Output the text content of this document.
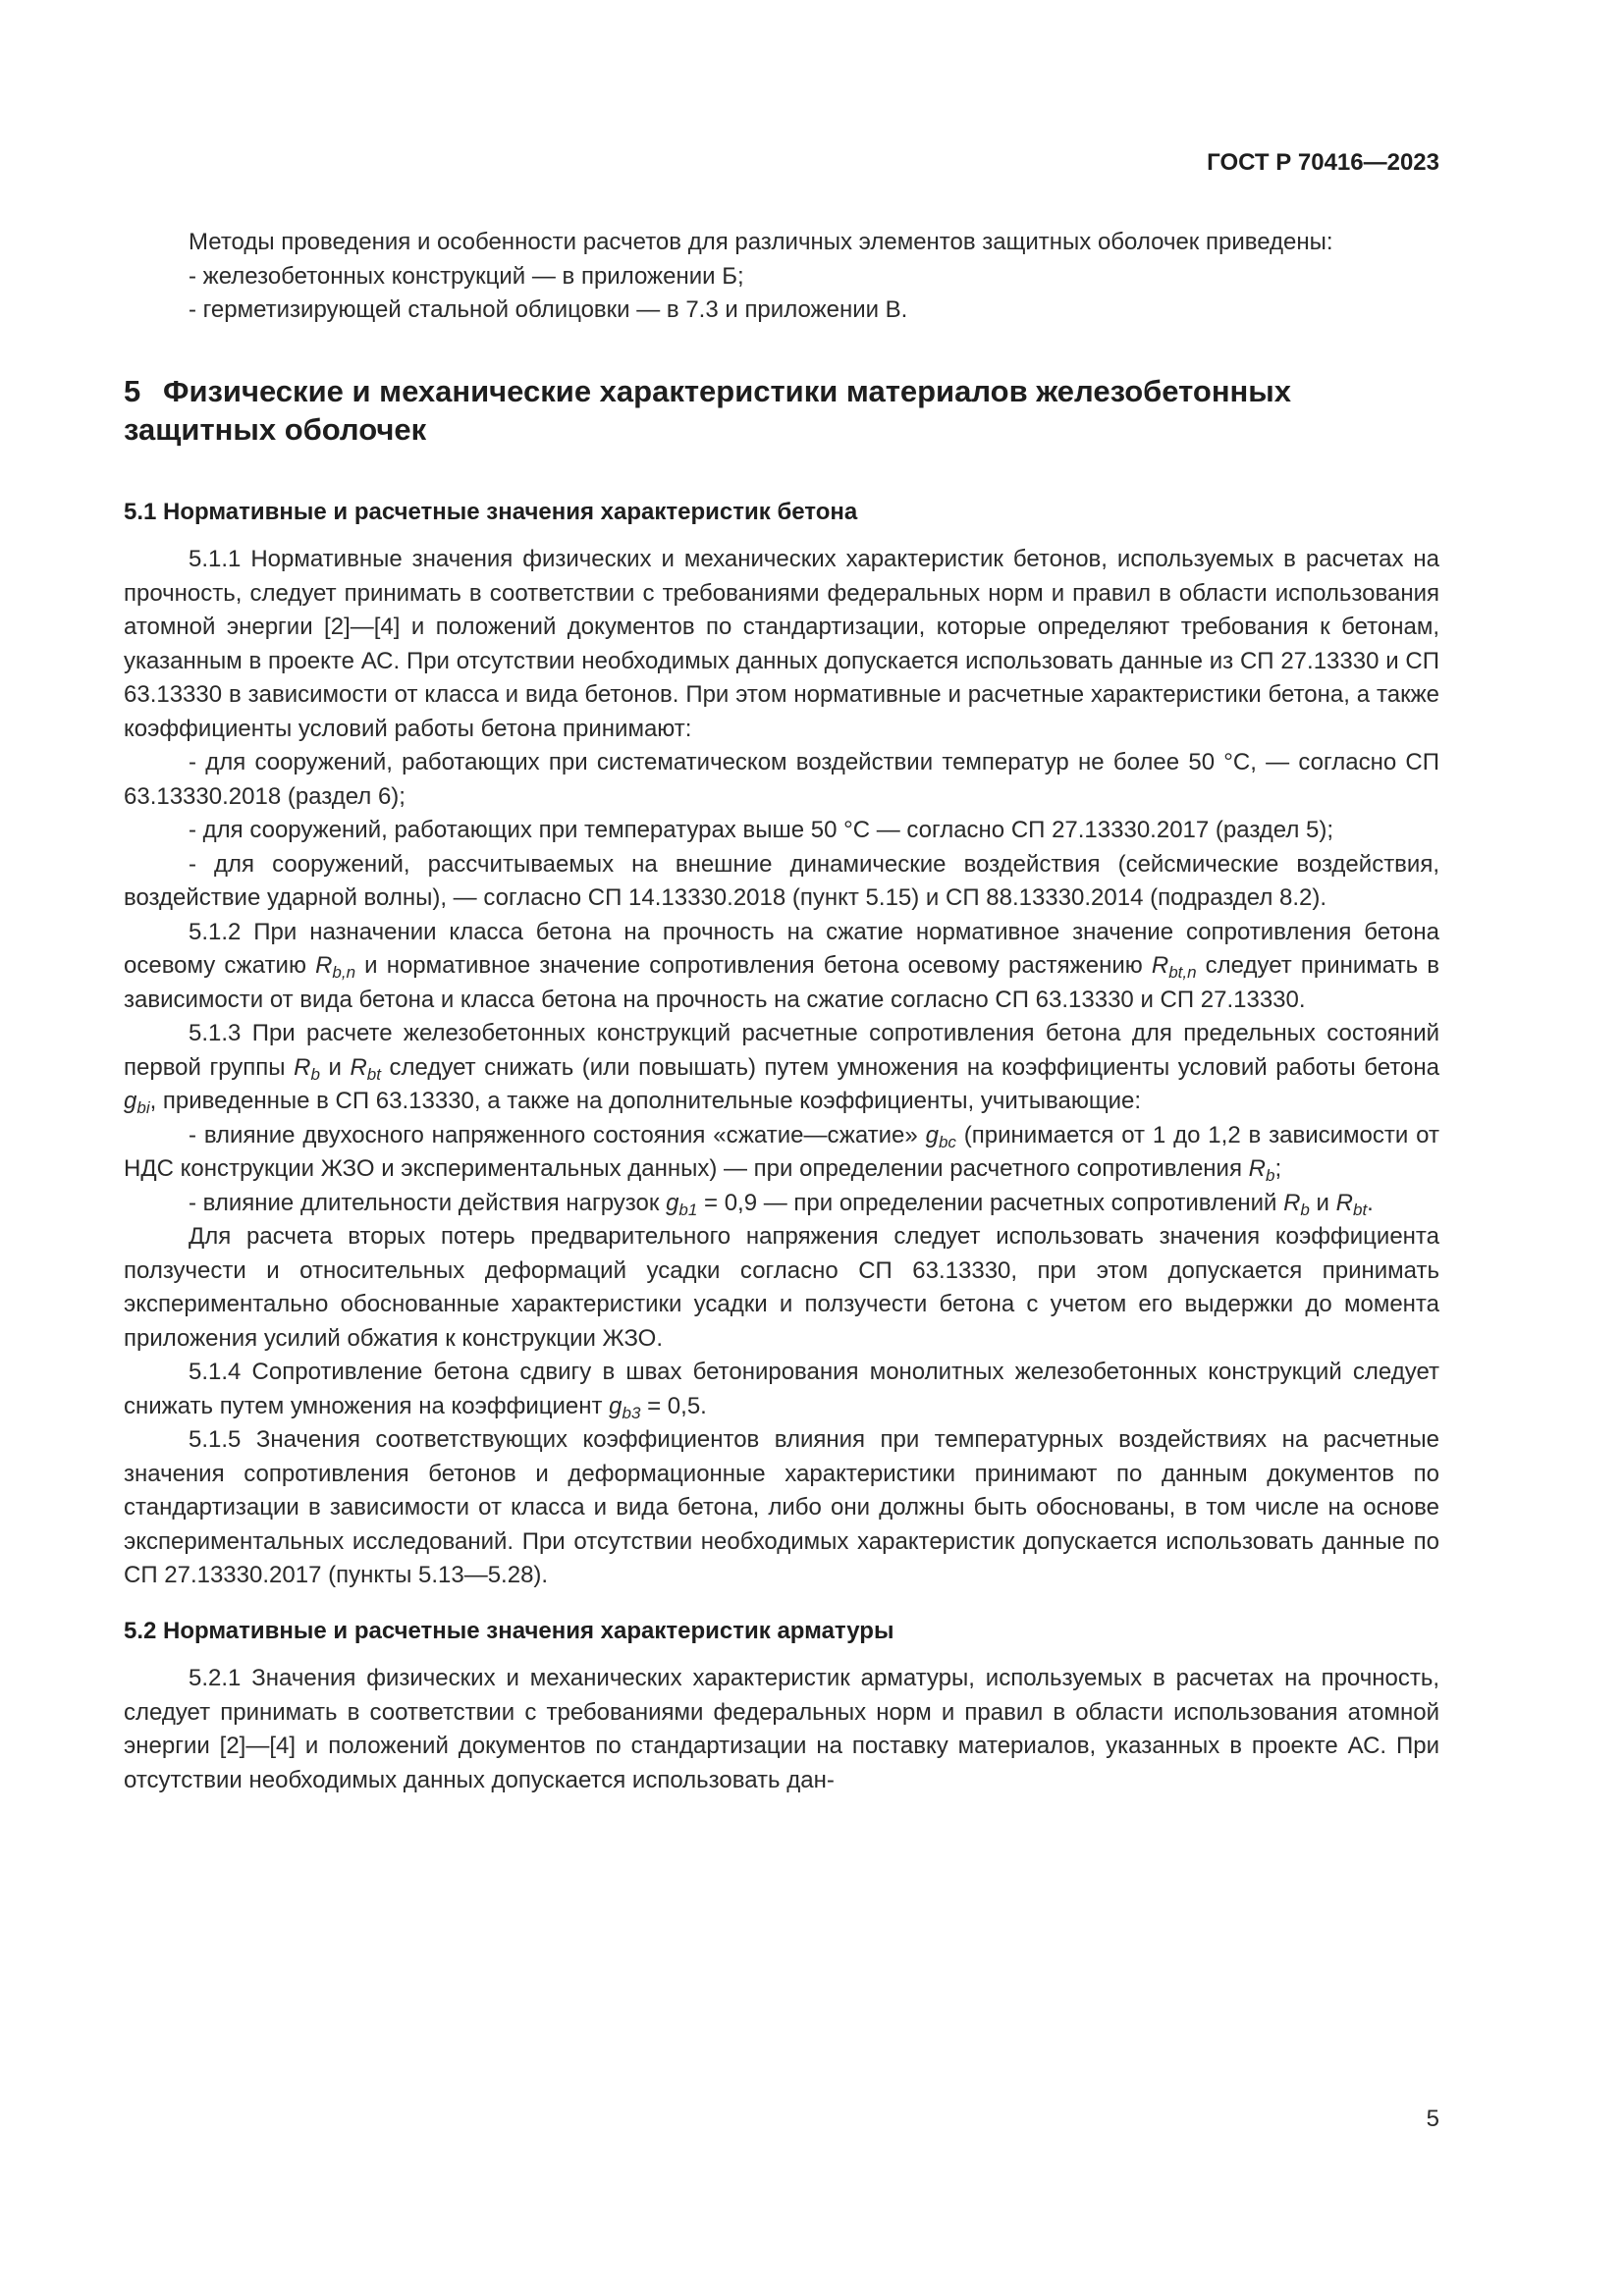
ГОСТ Р 70416—2023

Методы проведения и особенности расчетов для различных элементов защитных оболочек приведены:

- железобетонных конструкций — в приложении Б;

- герметизирующей стальной облицовки — в 7.3 и приложении В.

5 Физические и механические характеристики материалов железобетонных защитных оболочек
5.1 Нормативные и расчетные значения характеристик бетона

5.1.1 Нормативные значения физических и механических характеристик бетонов, используемых в расчетах на прочность, следует принимать в соответствии с требованиями федеральных норм и правил в области использования атомной энергии [2]—[4] и положений документов по стандартизации, которые определяют требования к бетонам, указанным в проекте АС. При отсутствии необходимых данных допускается использовать данные из СП 27.13330 и СП 63.13330 в зависимости от класса и вида бетонов. При этом нормативные и расчетные характеристики бетона, а также коэффициенты условий работы бетона принимают:

- для сооружений, работающих при систематическом воздействии температур не более 50 °С, — согласно СП 63.13330.2018 (раздел 6);

- для сооружений, работающих при температурах выше 50 °С — согласно СП 27.13330.2017 (раздел 5);

- для сооружений, рассчитываемых на внешние динамические воздействия (сейсмические воздействия, воздействие ударной волны), — согласно СП 14.13330.2018 (пункт 5.15) и СП 88.13330.2014 (подраздел 8.2).

5.1.2 При назначении класса бетона на прочность на сжатие нормативное значение сопротивления бетона осевому сжатию $R_{b,n}$ и нормативное значение сопротивления бетона осевому растяжению $R_{bt,n}$ следует принимать в зависимости от вида бетона и класса бетона на прочность на сжатие согласно СП 63.13330 и СП 27.13330.

5.1.3 При расчете железобетонных конструкций расчетные сопротивления бетона для предельных состояний первой группы $R_b$ и $R_{bt}$ следует снижать (или повышать) путем умножения на коэффициенты условий работы бетона $g_{bi}$, приведенные в СП 63.13330, а также на дополнительные коэффициенты, учитывающие:

- влияние двухосного напряженного состояния «сжатие—сжатие» $g_{bc}$ (принимается от 1 до 1,2 в зависимости от НДС конструкции ЖЗО и экспериментальных данных) — при определении расчетного сопротивления $R_b$;

- влияние длительности действия нагрузок $g_{b1} = 0,9$ — при определении расчетных сопротивлений $R_b$ и $R_{bt}$.

Для расчета вторых потерь предварительного напряжения следует использовать значения коэффициента ползучести и относительных деформаций усадки согласно СП 63.13330, при этом допускается принимать экспериментально обоснованные характеристики усадки и ползучести бетона с учетом его выдержки до момента приложения усилий обжатия к конструкции ЖЗО.

5.1.4 Сопротивление бетона сдвигу в швах бетонирования монолитных железобетонных конструкций следует снижать путем умножения на коэффициент $g_{b3} = 0,5$.

5.1.5 Значения соответствующих коэффициентов влияния при температурных воздействиях на расчетные значения сопротивления бетонов и деформационные характеристики принимают по данным документов по стандартизации в зависимости от класса и вида бетона, либо они должны быть обоснованы, в том числе на основе экспериментальных исследований. При отсутствии необходимых характеристик допускается использовать данные по СП 27.13330.2017 (пункты 5.13—5.28).

5.2 Нормативные и расчетные значения характеристик арматуры

5.2.1 Значения физических и механических характеристик арматуры, используемых в расчетах на прочность, следует принимать в соответствии с требованиями федеральных норм и правил в области использования атомной энергии [2]—[4] и положений документов по стандартизации на поставку материалов, указанных в проекте АС. При отсутствии необходимых данных допускается использовать дан-

5
